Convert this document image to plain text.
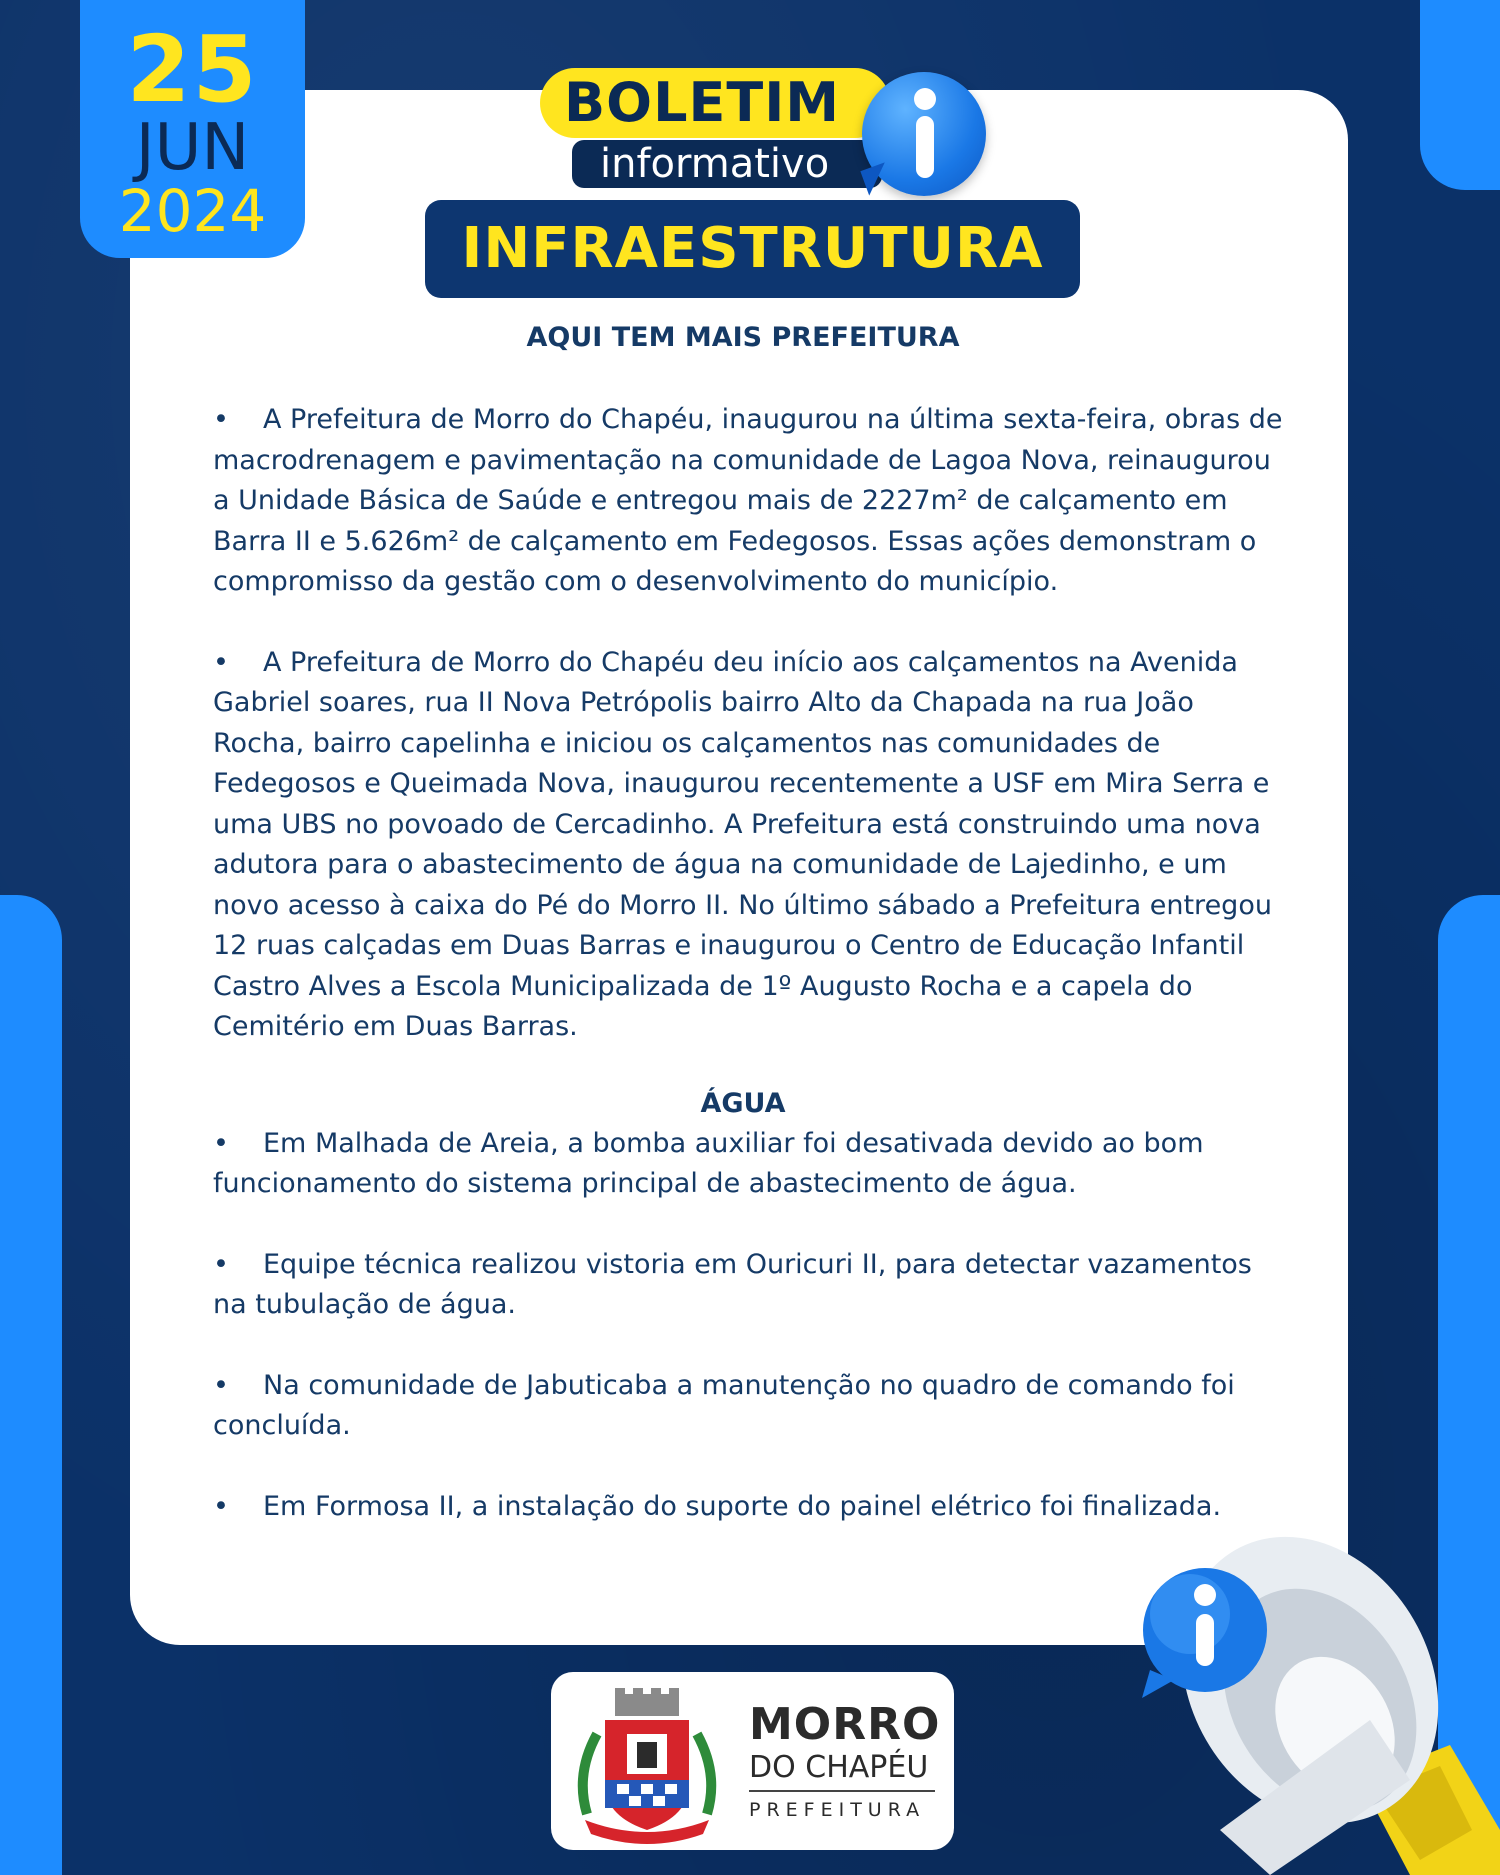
25
JUN
2024
BOLETIM
informativo
INFRAESTRUTURA
AQUI TEM MAIS PREFEITURA

• A Prefeitura de Morro do Chapéu, inaugurou na última sexta-feira, obras de macrodrenagem e pavimentação na comunidade de Lagoa Nova, reinaugurou a Unidade Básica de Saúde e entregou mais de 2227m² de calçamento em Barra II e 5.626m² de calçamento em Fedegosos. Essas ações demonstram o compromisso da gestão com o desenvolvimento do município.

• A Prefeitura de Morro do Chapéu deu início aos calçamentos na Avenida Gabriel soares, rua II Nova Petrópolis bairro Alto da Chapada na rua João Rocha, bairro capelinha e iniciou os calçamentos nas comunidades de Fedegosos e Queimada Nova, inaugurou recentemente a USF em Mira Serra e uma UBS no povoado de Cercadinho. A Prefeitura está construindo uma nova adutora para o abastecimento de água na comunidade de Lajedinho, e um novo acesso à caixa do Pé do Morro II. No último sábado a Prefeitura entregou 12 ruas calçadas em Duas Barras e inaugurou o Centro de Educação Infantil Castro Alves a Escola Municipalizada de 1º Augusto Rocha e a capela do Cemitério em Duas Barras.

ÁGUA

• Em Malhada de Areia, a bomba auxiliar foi desativada devido ao bom funcionamento do sistema principal de abastecimento de água.

• Equipe técnica realizou vistoria em Ouricuri II, para detectar vazamentos na tubulação de água.

• Na comunidade de Jabuticaba a manutenção no quadro de comando foi concluída.

• Em Formosa II, a instalação do suporte do painel elétrico foi finalizada.

MORRO
DO CHAPÉU
PREFEITURA
